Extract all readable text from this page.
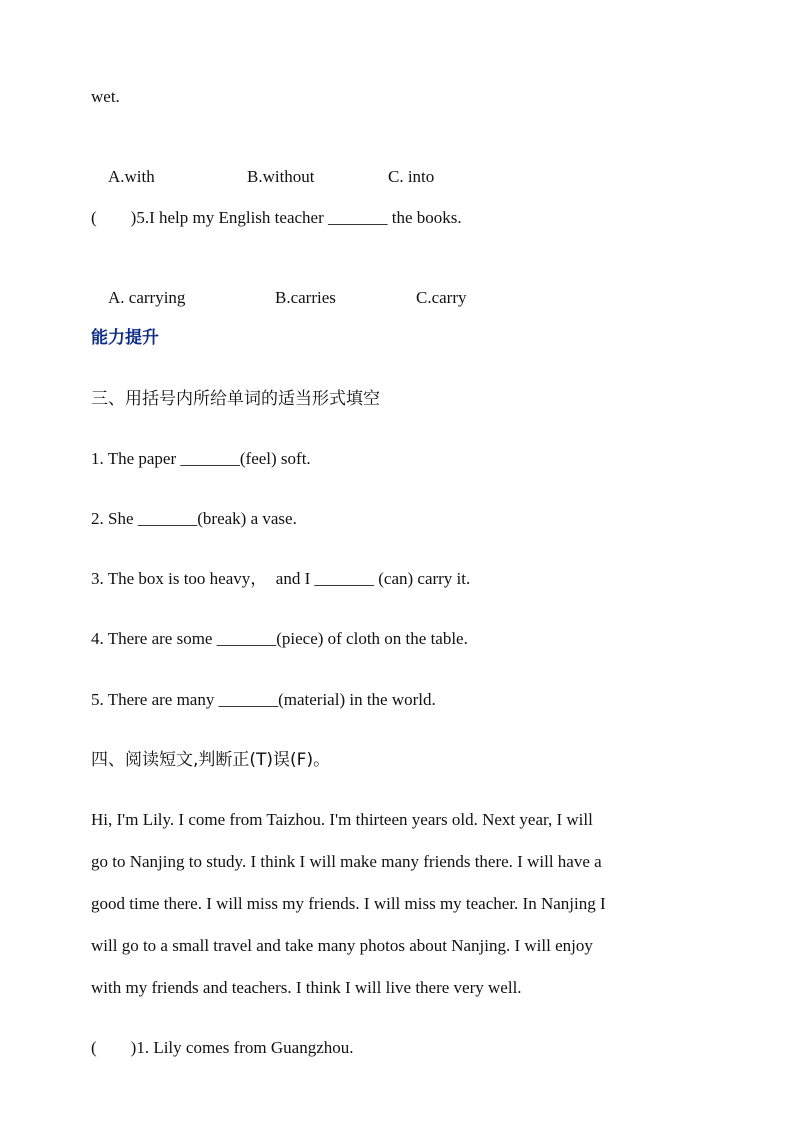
wet.

A.with	B.without	C. into

(        )5.I help my English teacher _______ the books.

A. carrying	B.carries	C.carry

能力提升
三、用括号内所给单词的适当形式填空
1. The paper _______(feel) soft.
2. She _______(break) a vase.
3. The box is too heavy，  and I _______ (can) carry it.
4. There are some _______(piece) of cloth on the table.
5. There are many _______(material) in the world.
四、阅读短文,判断正(T)误(F)。
Hi, I'm Lily. I come from Taizhou. I'm thirteen years old. Next year, I will
go to Nanjing to study. I think I will make many friends there. I will have a
good time there. I will miss my friends. I will miss my teacher. In Nanjing I
will go to a small travel and take many photos about Nanjing. I will enjoy
with my friends and teachers. I think I will live there very well.
(        )1. Lily comes from Guangzhou.
